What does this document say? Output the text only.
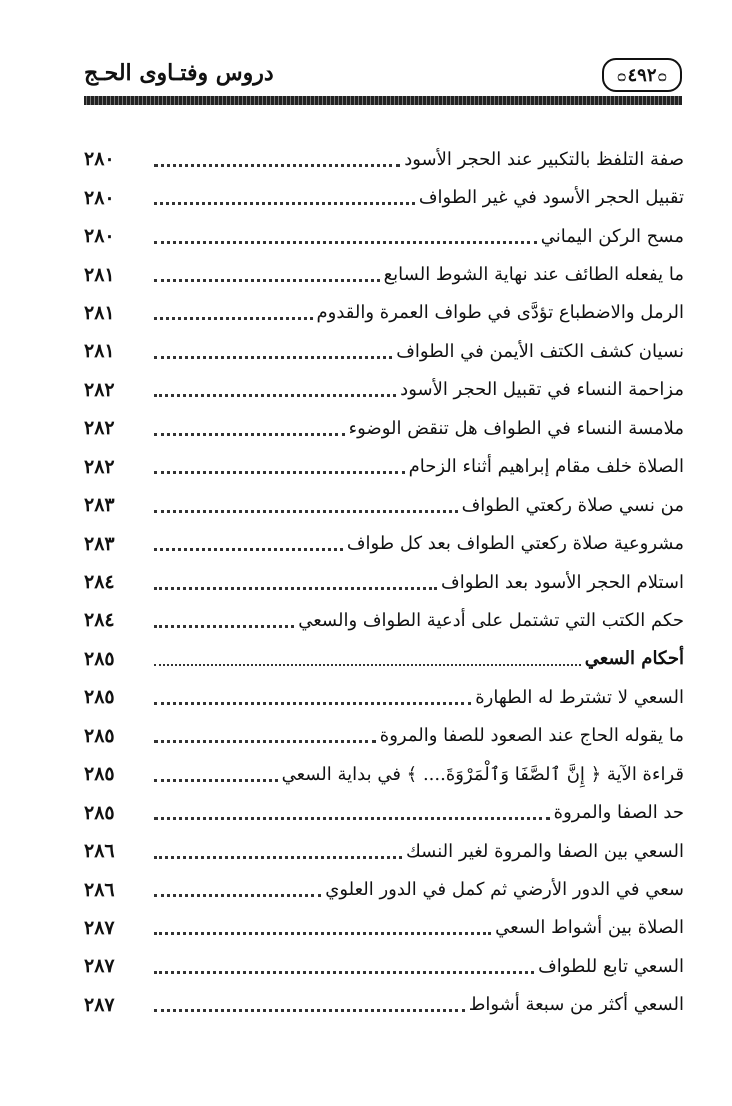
۝
٤٩٢
۝
دروس وفتـاوى الحـج
صفة التلفظ بالتكبير عند الحجر الأسود
٢٨٠
تقبيل الحجر الأسود في غير الطواف
٢٨٠
مسح الركن اليماني
٢٨٠
ما يفعله الطائف عند نهاية الشوط السابع
٢٨١
الرمل والاضطباع تؤدَّى في طواف العمرة والقدوم
٢٨١
نسيان كشف الكتف الأيمن في الطواف
٢٨١
مزاحمة النساء في تقبيل الحجر الأسود
٢٨٢
ملامسة النساء في الطواف هل تنقض الوضوء
٢٨٢
الصلاة خلف مقام إبراهيم أثناء الزحام
٢٨٢
من نسي صلاة ركعتي الطواف
٢٨٣
مشروعية صلاة ركعتي الطواف بعد كل طواف
٢٨٣
استلام الحجر الأسود بعد الطواف
٢٨٤
حكم الكتب التي تشتمل على أدعية الطواف والسعي
٢٨٤
أحكام السعي
٢٨٥
السعي لا تشترط له الطهارة
٢٨٥
ما يقوله الحاج عند الصعود للصفا والمروة
٢٨٥
قراءة الآية ﴿ إِنَّ ٱلصَّفَا وَٱلْمَرْوَةَ.... ﴾ في بداية السعي
٢٨٥
حد الصفا والمروة
٢٨٥
السعي بين الصفا والمروة لغير النسك
٢٨٦
سعي في الدور الأرضي ثم كمل في الدور العلوي
٢٨٦
الصلاة بين أشواط السعي
٢٨٧
السعي تابع للطواف
٢٨٧
السعي أكثر من سبعة أشواط
٢٨٧
